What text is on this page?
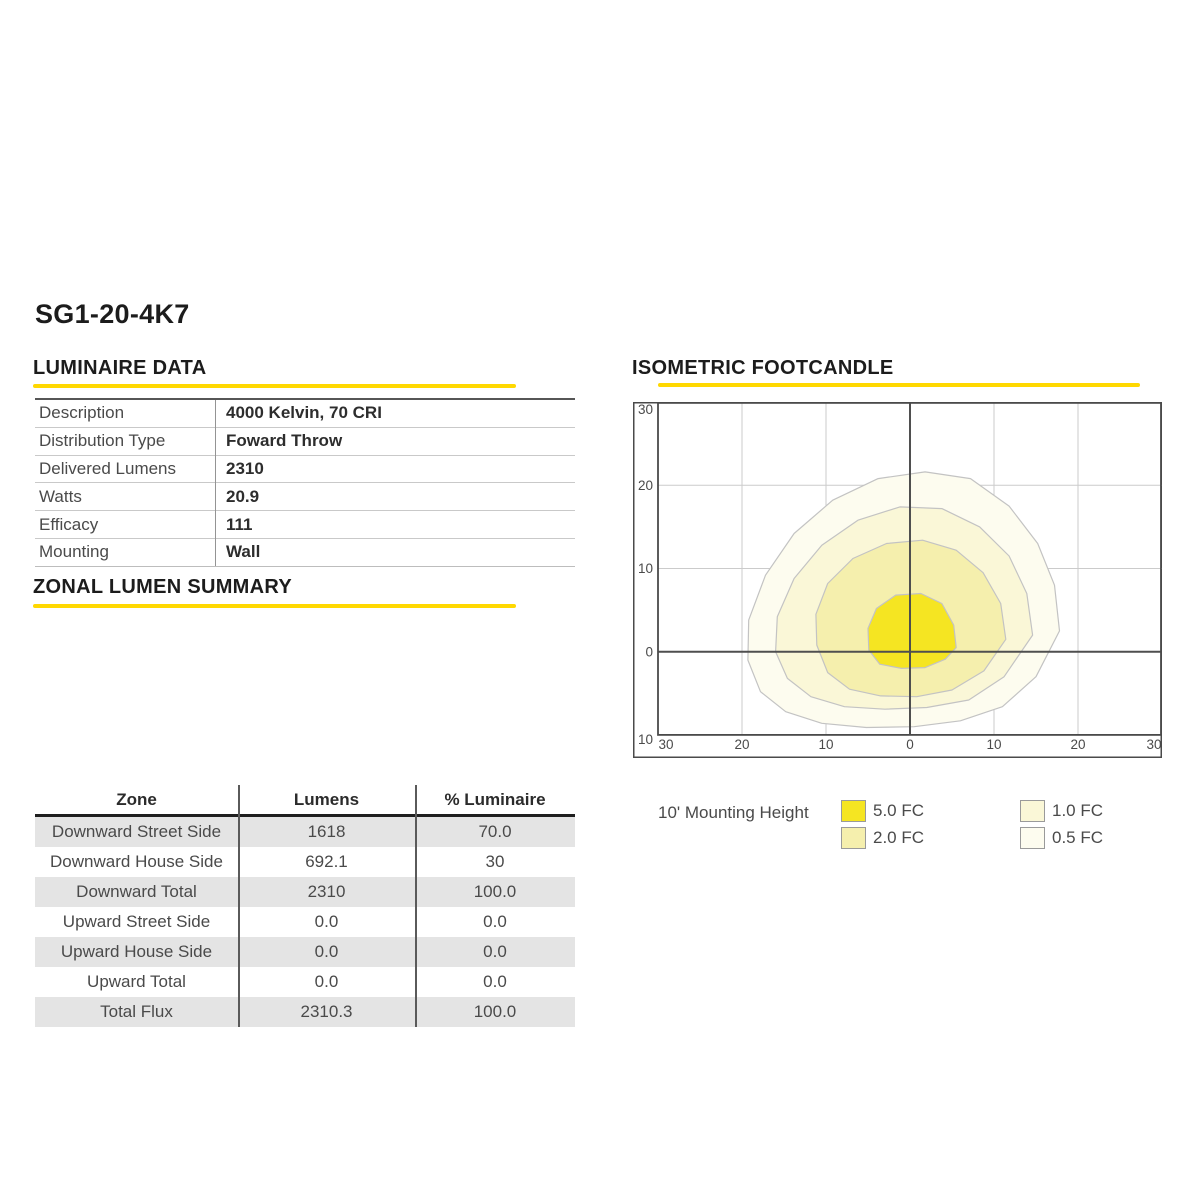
SG1-20-4K7
LUMINAIRE DATA
Description	4000 Kelvin, 70 CRI
Distribution Type	Foward Throw
Delivered Lumens	2310
Watts	20.9
Efficacy	111
Mounting	Wall
ZONAL LUMEN SUMMARY
Zone	Lumens	% Luminaire
Downward Street Side	1618	70.0
Downward House Side	692.1	30
Downward Total	2310	100.0
Upward Street Side	0.0	0.0
Upward House Side	0.0	0.0
Upward Total	0.0	0.0
Total Flux	2310.3	100.0
ISOMETRIC FOOTCANDLE
30	20	10	0	10	20	30
30
20
10
0
10
10' Mounting Height	5.0 FC
2.0 FC
1.0 FC
0.5 FC
